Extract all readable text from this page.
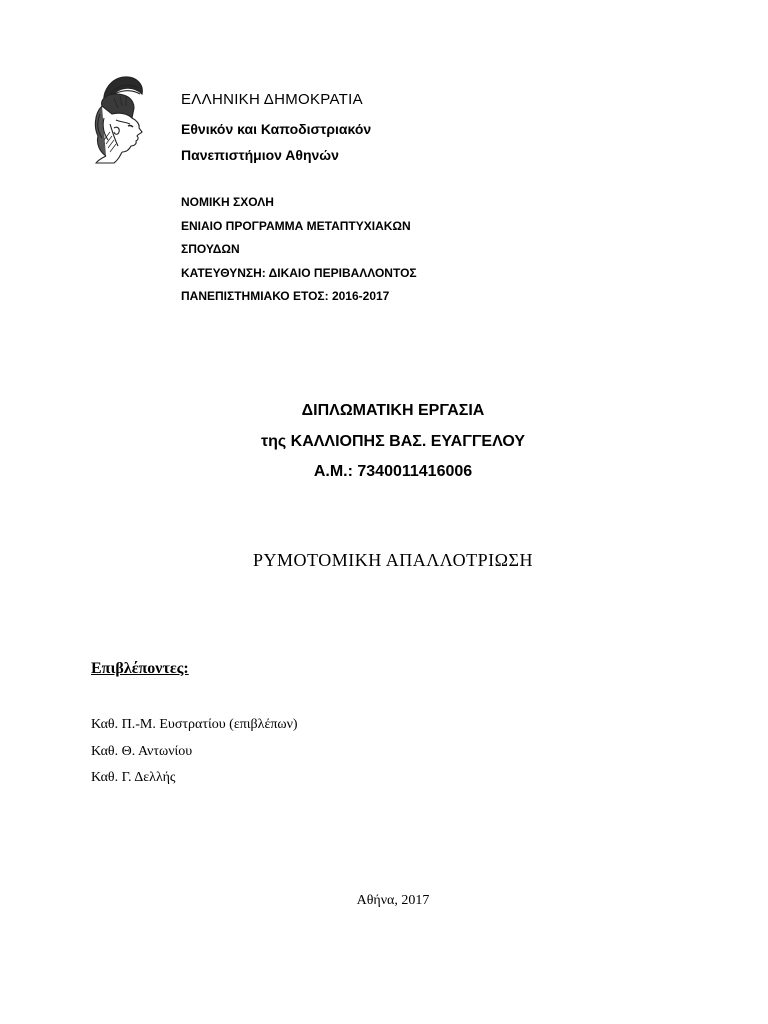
ΕΛΛΗΝΙΚΗ ΔΗΜΟΚΡΑΤΙΑ
Εθνικόν και Καποδιστριακόν
Πανεπιστήμιον Αθηνών
ΝΟΜΙΚΗ ΣΧΟΛΗ
ΕΝΙΑΙΟ ΠΡΟΓΡΑΜΜΑ ΜΕΤΑΠΤΥΧΙΑΚΩΝ
ΣΠΟΥΔΩΝ
ΚΑΤΕΥΘΥΝΣΗ: ΔΙΚΑΙΟ ΠΕΡΙΒΑΛΛΟΝΤΟΣ
ΠΑΝΕΠΙΣΤΗΜΙΑΚΟ ΕΤΟΣ: 2016-2017
ΔΙΠΛΩΜΑΤΙΚΗ ΕΡΓΑΣΙΑ
της ΚΑΛΛΙΟΠΗΣ ΒΑΣ. ΕΥΑΓΓΕΛΟΥ
Α.Μ.: 7340011416006
ΡΥΜΟΤΟΜΙΚΗ ΑΠΑΛΛΟΤΡΙΩΣΗ
Επιβλέποντες:
Καθ. Π.-Μ. Ευστρατίου (επιβλέπων)
Καθ. Θ. Αντωνίου
Καθ. Γ. Δελλής
Αθήνα, 2017
